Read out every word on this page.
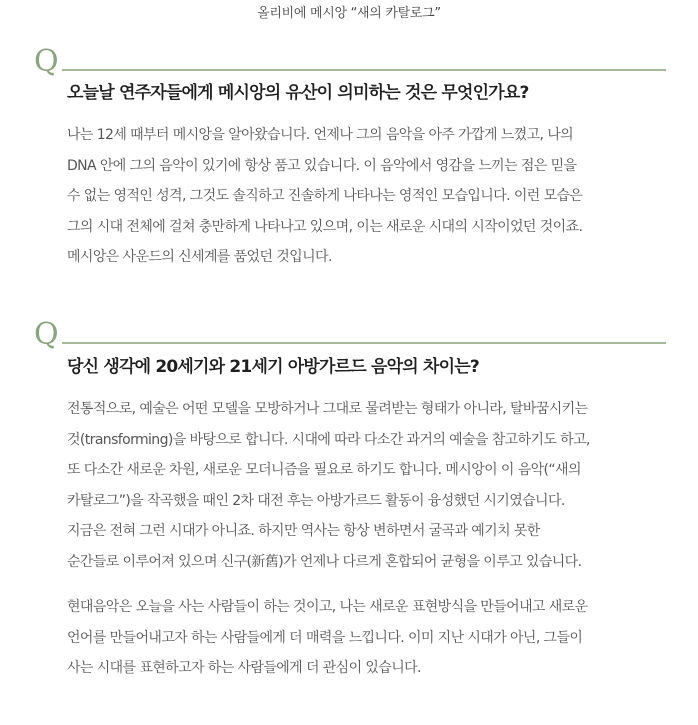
올리비에 메시앙 “새의 카탈로그”
Q
오늘날 연주자들에게 메시앙의 유산이 의미하는 것은 무엇인가요?
나는 12세 때부터 메시앙을 알아왔습니다. 언제나 그의 음악을 아주 가깝게 느꼈고, 나의
DNA 안에 그의 음악이 있기에 항상 품고 있습니다. 이 음악에서 영감을 느끼는 점은 믿을
수 없는 영적인 성격, 그것도 솔직하고 진솔하게 나타나는 영적인 모습입니다. 이런 모습은
그의 시대 전체에 걸쳐 충만하게 나타나고 있으며, 이는 새로운 시대의 시작이었던 것이죠.
메시앙은 사운드의 신세계를 품었던 것입니다.
Q
당신 생각에 20세기와 21세기 아방가르드 음악의 차이는?
전통적으로, 예술은 어떤 모델을 모방하거나 그대로 물려받는 형태가 아니라, 탈바꿈시키는
것(transforming)을 바탕으로 합니다. 시대에 따라 다소간 과거의 예술을 참고하기도 하고,
또 다소간 새로운 차원, 새로운 모더니즘을 필요로 하기도 합니다. 메시앙이 이 음악(“새의
카탈로그”)을 작곡했을 때인 2차 대전 후는 아방가르드 활동이 융성했던 시기였습니다.
지금은 전혀 그런 시대가 아니죠. 하지만 역사는 항상 변하면서 굴곡과 예기치 못한
순간들로 이루어져 있으며 신구(新舊)가 언제나 다르게 혼합되어 균형을 이루고 있습니다.
현대음악은 오늘을 사는 사람들이 하는 것이고, 나는 새로운 표현방식을 만들어내고 새로운
언어를 만들어내고자 하는 사람들에게 더 매력을 느낍니다. 이미 지난 시대가 아닌, 그들이
사는 시대를 표현하고자 하는 사람들에게 더 관심이 있습니다.
